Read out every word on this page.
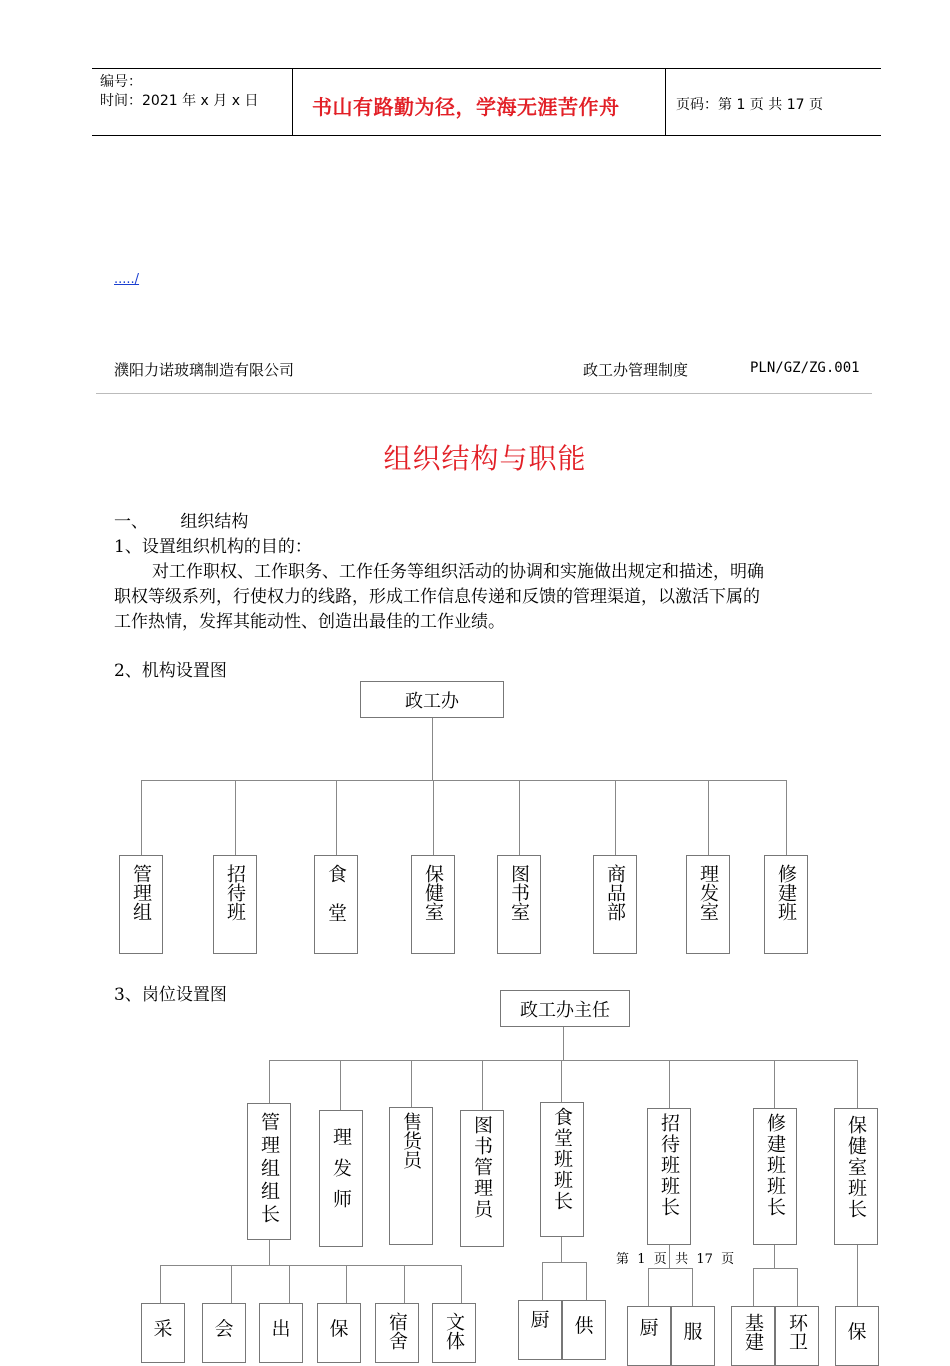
编号：
时间：2021 年 x 月 x 日	书山有路勤为径，学海无涯苦作舟	页码：第 1 页 共 17 页
...../
濮阳力诺玻璃制造有限公司	政工办管理制度	PLN/GZ/ZG.001
组织结构与职能
一、      组织结构
1、设置组织机构的目的：
对工作职权、工作职务、工作任务等组织活动的协调和实施做出规定和描述，明确
职权等级系列，行使权力的线路，形成工作信息传递和反馈的管理渠道，以激活下属的
工作热情，发挥其能动性、创造出最佳的工作业绩。
2、机构设置图
政工办
管理组	招待班	食堂	保健室	图书室	商品部	理发室	修建班
3、岗位设置图
政工办主任
管理组组长	理发师	售货员	图书管理员	食堂班班长	招待班班长	修建班班长	保健室班长
第  1  页  共  17  页
采 会 出 保 宿舍 文体	厨 供 厨 服 基建 环卫 保
